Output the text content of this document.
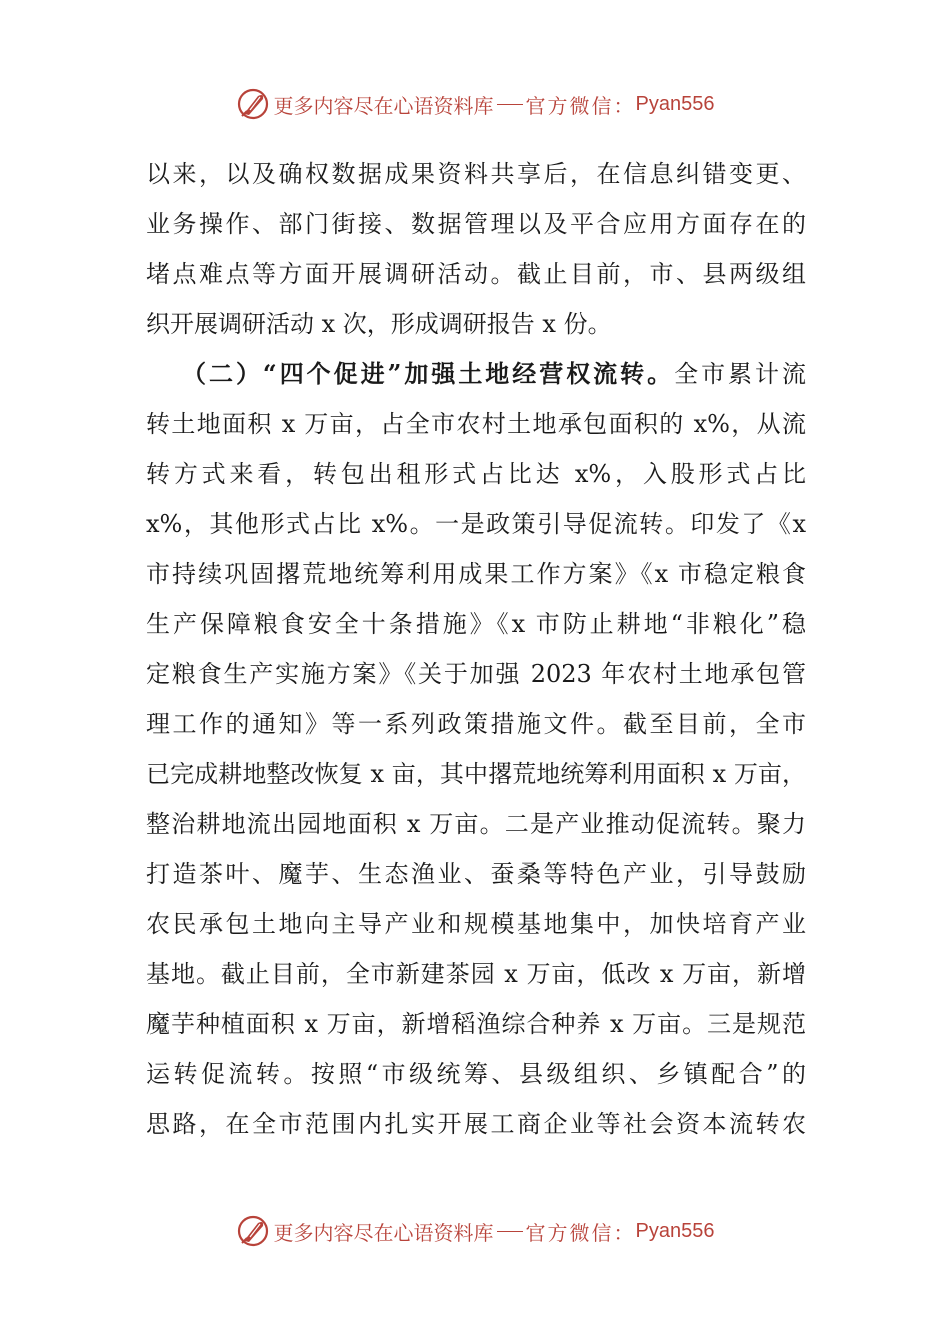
更多内容尽在心语资料库 官方微信： Pyan556
以来，以及确权数据成果资料共享后，在信息纠错变更、
业务操作、部门街接、数据管理以及平合应用方面存在的
堵点难点等方面开展调研活动。截止目前，市、县两级组
织开展调研活动 x 次，形成调研报告 x 份。
（二）“四个促进”加强土地经营权流转。全市累计流
转土地面积 x 万亩，占全市农村土地承包面积的 x%，从流
转方式来看，转包出租形式占比达 x%，入股形式占比
x%，其他形式占比 x%。一是政策引导促流转。印发了《x
市持续巩固撂荒地统筹利用成果工作方案》《x 市稳定粮食
生产保障粮食安全十条措施》《x 市防止耕地“非粮化”稳
定粮食生产实施方案》《关于加强 2023 年农村土地承包管
理工作的通知》等一系列政策措施文件。截至目前，全市
已完成耕地整改恢复 x 亩，其中撂荒地统筹利用面积 x 万亩，
整治耕地流出园地面积 x 万亩。二是产业推动促流转。聚力
打造茶叶、魔芋、生态渔业、蚕桑等特色产业，引导鼓励
农民承包土地向主导产业和规模基地集中，加快培育产业
基地。截止目前，全市新建茶园 x 万亩，低改 x 万亩，新增
魔芋种植面积 x 万亩，新增稻渔综合种养 x 万亩。三是规范
运转促流转。按照“市级统筹、县级组织、乡镇配合”的
思路，在全市范围内扎实开展工商企业等社会资本流转农
更多内容尽在心语资料库 官方微信： Pyan556
